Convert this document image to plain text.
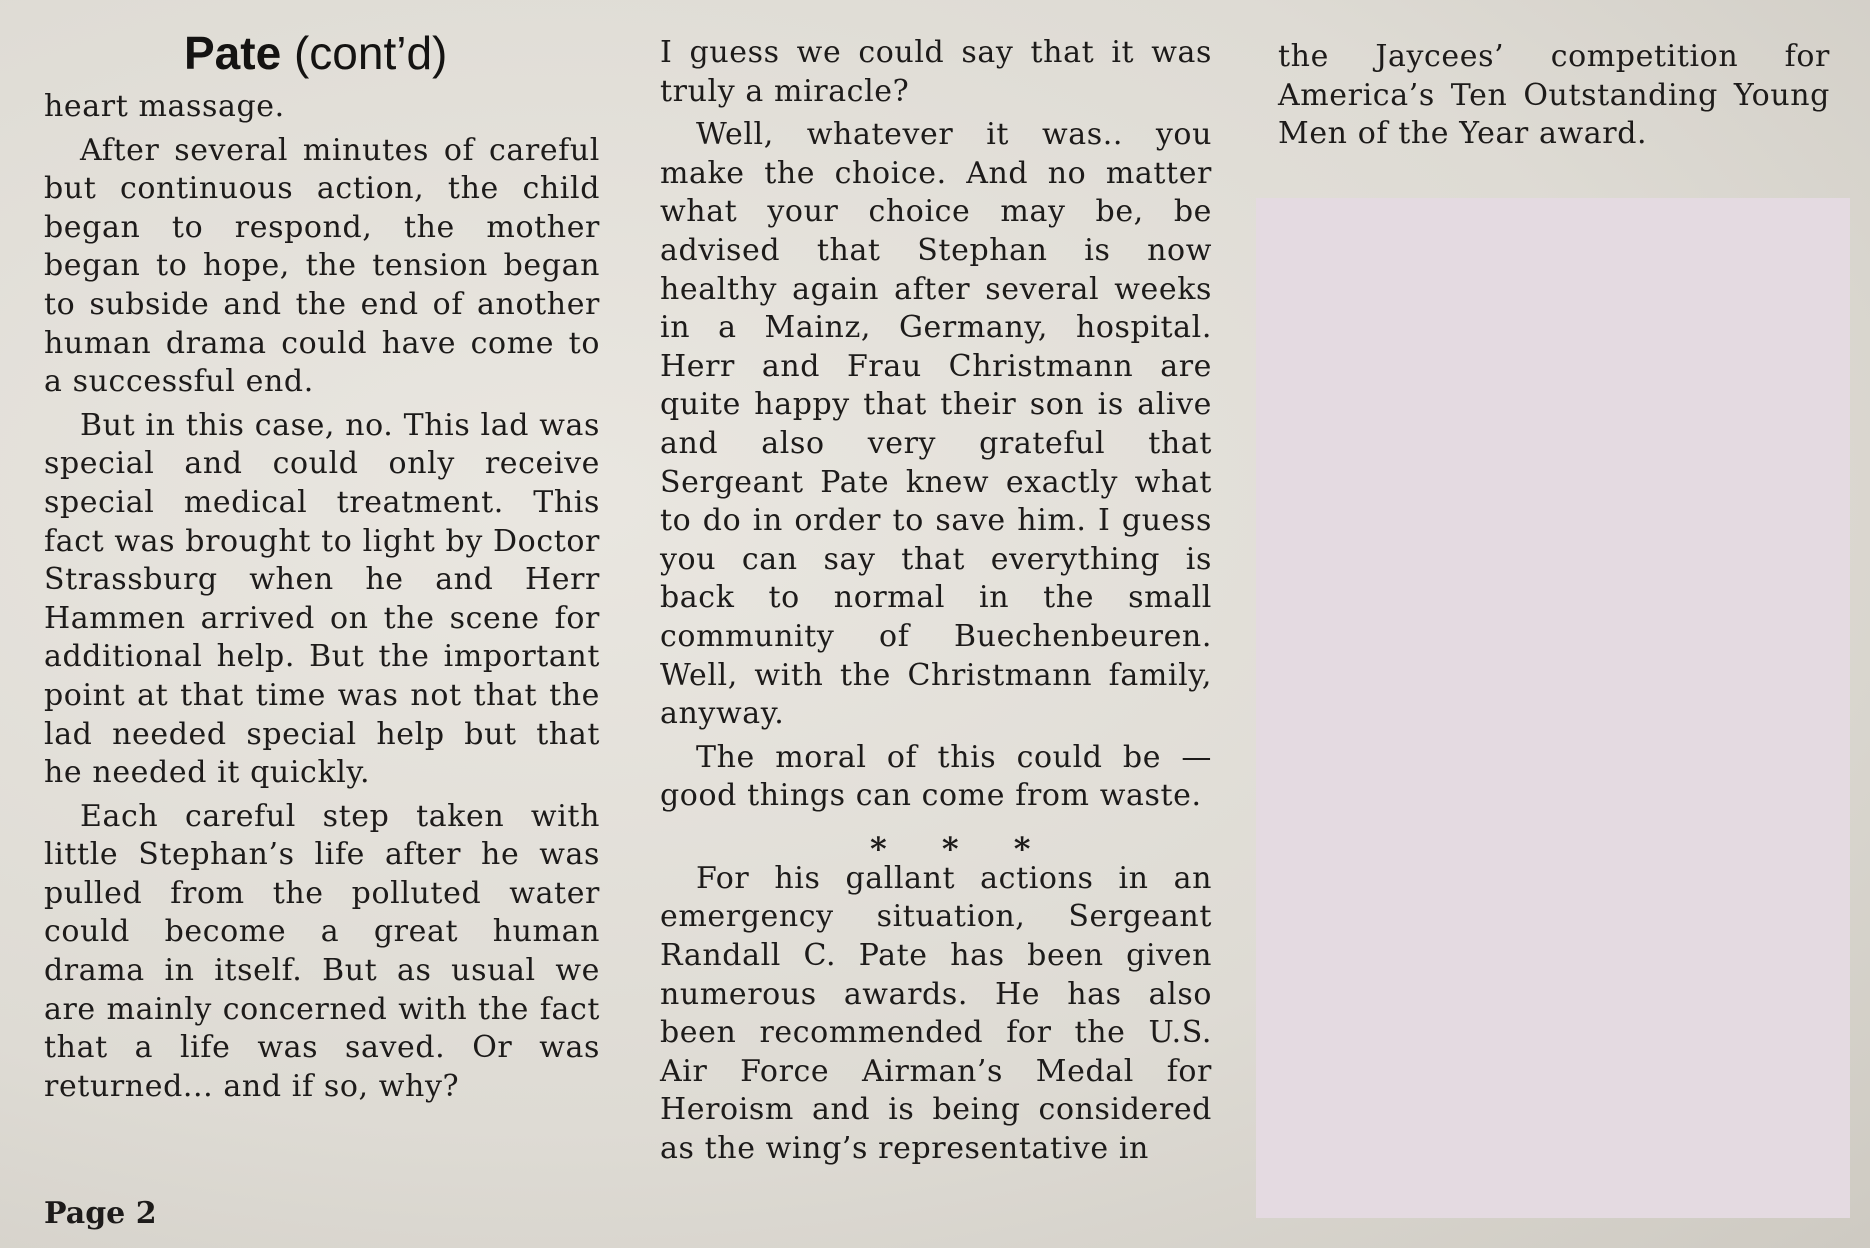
Pate (cont’d)

heart massage.

After several minutes of careful but continuous action, the child began to respond, the mother began to hope, the tension began to subside and the end of another human drama could have come to a successful end.

But in this case, no. This lad was special and could only receive special medical treatment. This fact was brought to light by Doctor Strassburg when he and Herr Hammen arrived on the scene for additional help. But the important point at that time was not that the lad needed special help but that he needed it quickly.

Each careful step taken with little Stephan’s life after he was pulled from the polluted water could become a great human drama in itself. But as usual we are mainly concerned with the fact that a life was saved. Or was returned... and if so, why?

I guess we could say that it was truly a miracle?

Well, whatever it was.. you make the choice. And no matter what your choice may be, be advised that Stephan is now healthy again after several weeks in a Mainz, Germany, hospital. Herr and Frau Christmann are quite happy that their son is alive and also very grateful that Sergeant Pate knew exactly what to do in order to save him. I guess you can say that everything is back to normal in the small community of Buechenbeuren. Well, with the Christmann family, anyway.

The moral of this could be — good things can come from waste.

For his gallant actions in an emergency situation, Sergeant Randall C. Pate has been given numerous awards. He has also been recommended for the U.S. Air Force Airman’s Medal for Heroism and is being considered as the wing’s representative in

* * *

the Jaycees’ competition for America’s Ten Outstanding Young Men of the Year award.

Page 2
